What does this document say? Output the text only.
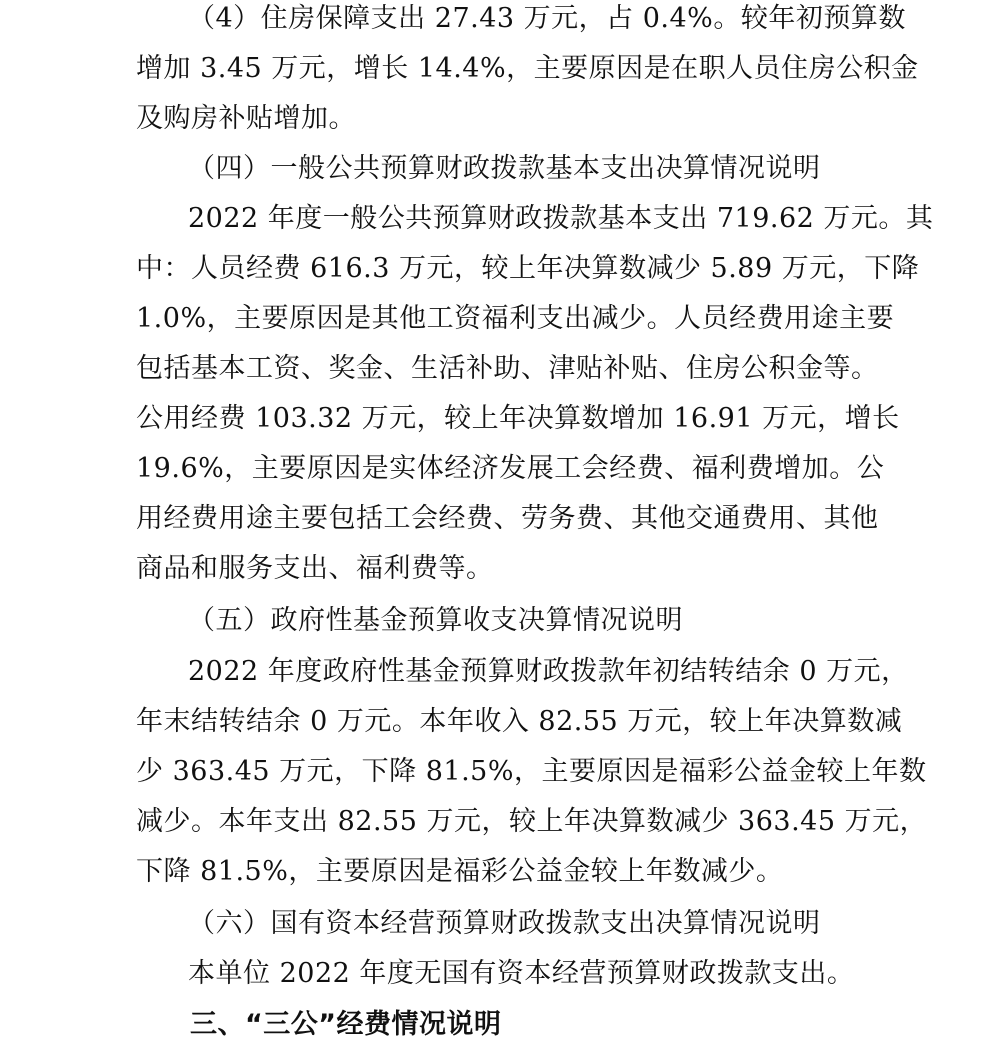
（4）住房保障支出 27.43 万元，占 0.4%。较年初预算数
增加 3.45 万元，增长 14.4%，主要原因是在职人员住房公积金
及购房补贴增加。
（四）一般公共预算财政拨款基本支出决算情况说明
2022 年度一般公共预算财政拨款基本支出 719.62 万元。其
中：人员经费 616.3 万元，较上年决算数减少 5.89 万元，下降
1.0%，主要原因是其他工资福利支出减少。人员经费用途主要
包括基本工资、奖金、生活补助、津贴补贴、住房公积金等。
公用经费 103.32 万元，较上年决算数增加 16.91 万元，增长
19.6%，主要原因是实体经济发展工会经费、福利费增加。公
用经费用途主要包括工会经费、劳务费、其他交通费用、其他
商品和服务支出、福利费等。
（五）政府性基金预算收支决算情况说明
2022 年度政府性基金预算财政拨款年初结转结余 0 万元，
年末结转结余 0 万元。本年收入 82.55 万元，较上年决算数减
少 363.45 万元，下降 81.5%，主要原因是福彩公益金较上年数
减少。本年支出 82.55 万元，较上年决算数减少 363.45 万元，
下降 81.5%，主要原因是福彩公益金较上年数减少。
（六）国有资本经营预算财政拨款支出决算情况说明
本单位 2022 年度无国有资本经营预算财政拨款支出。
三、“三公”经费情况说明
